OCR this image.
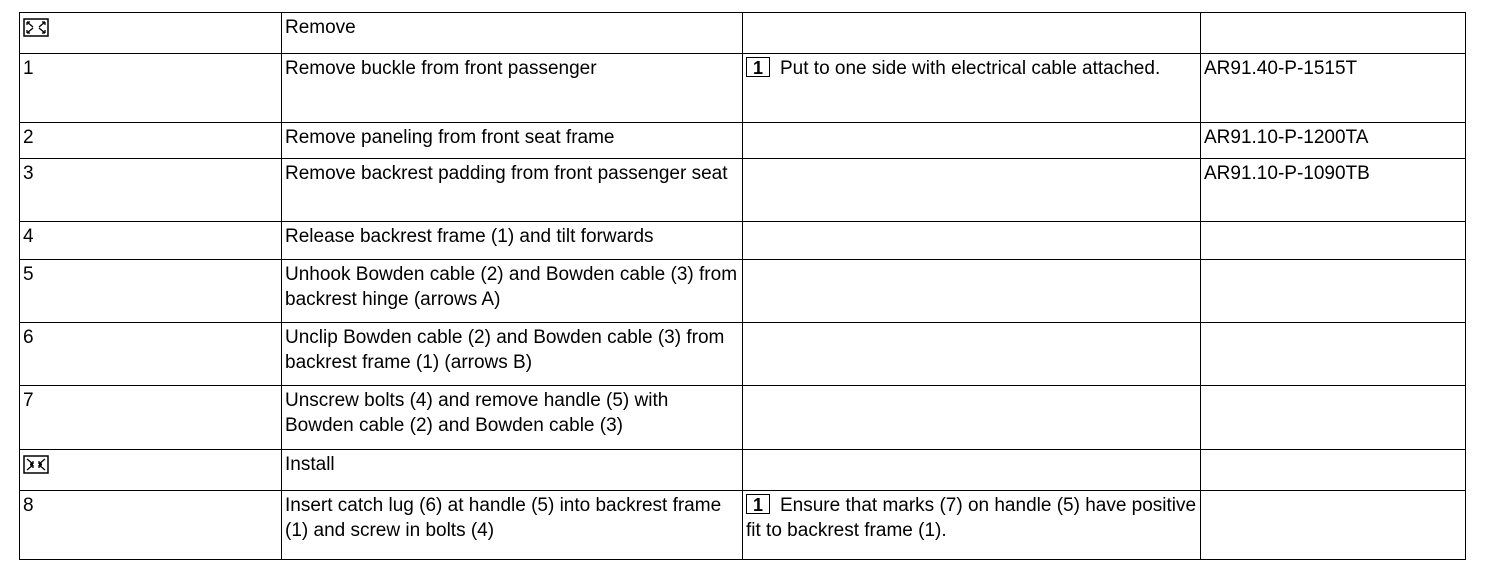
	Remove		
1	Remove buckle from front passenger	1 Put to one side with electrical cable attached.	AR91.40-P-1515T
2	Remove paneling from front seat frame		AR91.10-P-1200TA
3	Remove backrest padding from front passenger seat		AR91.10-P-1090TB
4	Release backrest frame (1) and tilt forwards		
5	Unhook Bowden cable (2) and Bowden cable (3) from backrest hinge (arrows A)		
6	Unclip Bowden cable (2) and Bowden cable (3) from backrest frame (1) (arrows B)		
7	Unscrew bolts (4) and remove handle (5) with Bowden cable (2) and Bowden cable (3)		
	Install		
8	Insert catch lug (6) at handle (5) into backrest frame (1) and screw in bolts (4)	1 Ensure that marks (7) on handle (5) have positive fit to backrest frame (1).	
